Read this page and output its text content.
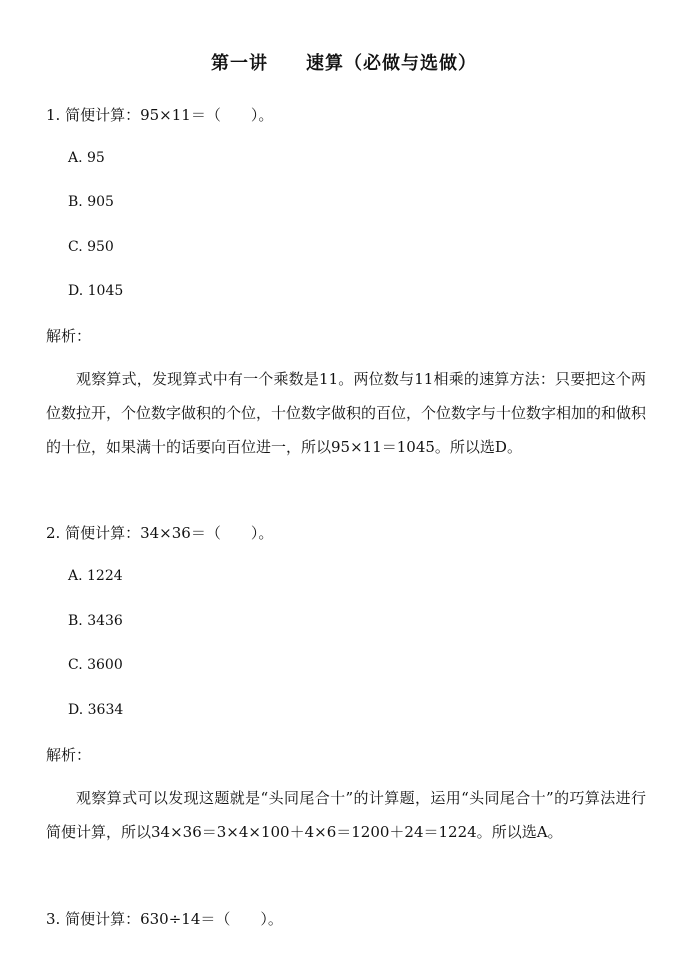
第一讲　　速算（必做与选做）
1. 简便计算：95×11＝（　　）。
A. 95
B. 905
C. 950
D. 1045
解析：
观察算式，发现算式中有一个乘数是11。两位数与11相乘的速算方法：只要把这个两位数拉开，个位数字做积的个位，十位数字做积的百位，个位数字与十位数字相加的和做积的十位，如果满十的话要向百位进一，所以95×11＝1045。所以选D。
2. 简便计算：34×36＝（　　）。
A. 1224
B. 3436
C. 3600
D. 3634
解析：
观察算式可以发现这题就是“头同尾合十”的计算题，运用“头同尾合十”的巧算法进行简便计算，所以34×36＝3×4×100＋4×6＝1200＋24＝1224。所以选A。
3. 简便计算：630÷14＝（　　）。
